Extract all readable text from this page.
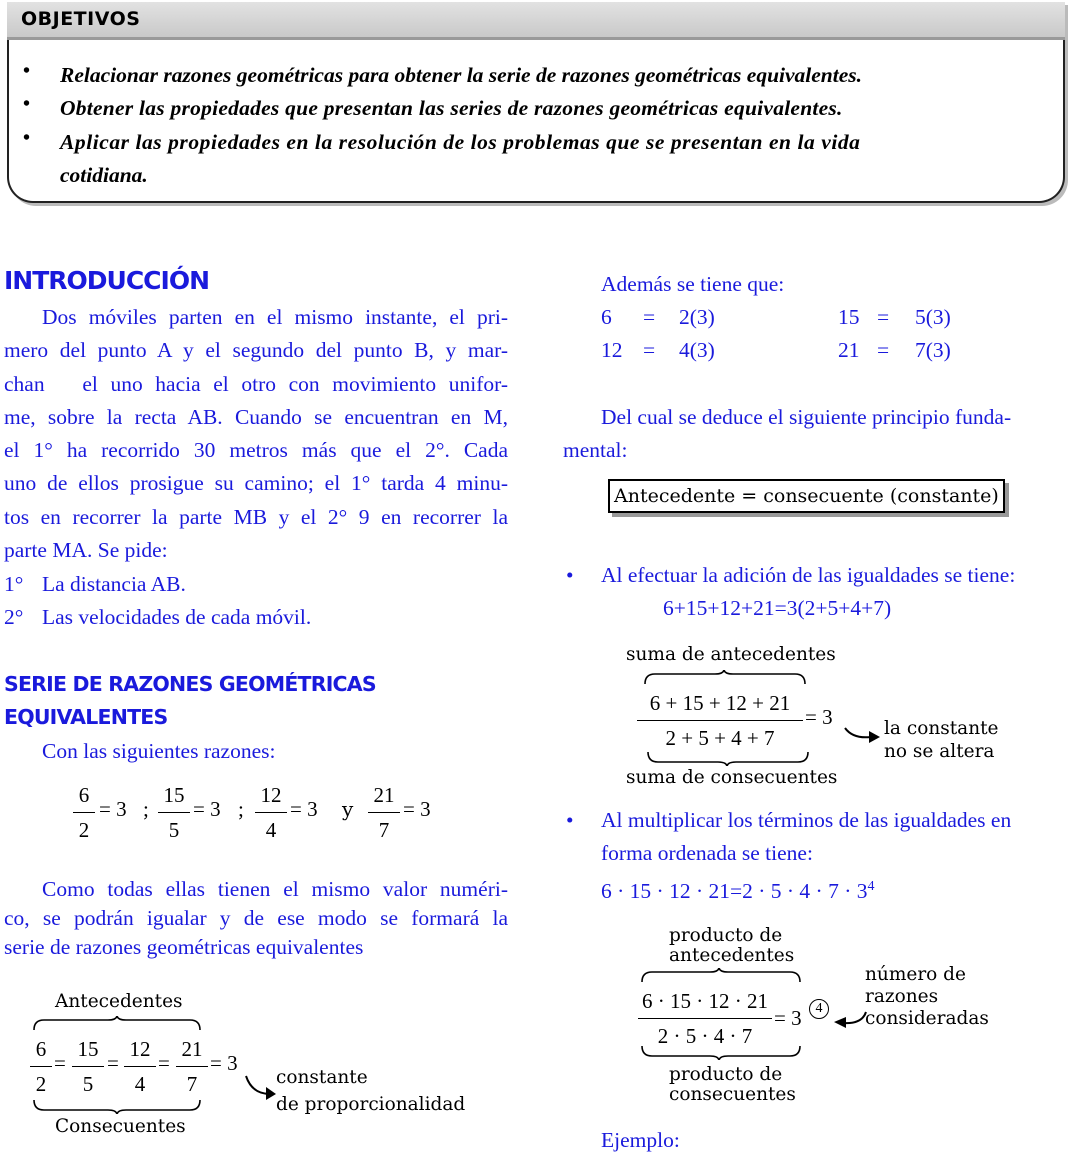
OBJETIVOS
• Relacionar razones geométricas para obtener la serie de razones geométricas equivalentes.
• Obtener las propiedades que presentan las series de razones geométricas equivalentes.
• Aplicar las propiedades en la resolución de los problemas que se presentan en la vida
cotidiana.
INTRODUCCIÓN
Dos móviles parten en el mismo instante, el pri-
mero del punto A y el segundo del punto B, y mar-
chan   el uno hacia el otro con movimiento unifor-
me, sobre la recta AB. Cuando se encuentran en M,
el 1° ha recorrido 30 metros más que el 2°. Cada
uno de ellos prosigue su camino; el 1° tarda 4 minu-
tos en recorrer la parte MB y el 2° 9 en recorrer la
parte MA. Se pide:
1° La distancia AB.
2° Las velocidades de cada móvil.
SERIE DE RAZONES GEOMÉTRICAS
EQUIVALENTES
Con las siguientes razones:
6
2
= 3 ;
15
5
= 3 ;
12
4
= 3 y
21
7
= 3
Como todas ellas tienen el mismo valor numéri-
co, se podrán igualar y de ese modo se formará la
serie de razones geométricas equivalentes
Antecedentes
6
2
=
15
5
=
12
4
=
21
7
= 3
Consecuentes
constante
de proporcionalidad
Además se tiene que:
6 = 2(3)	15 = 5(3)
12 = 4(3)	21 = 7(3)
Del cual se deduce el siguiente principio funda-
mental:
Antecedente = consecuente (constante)
• Al efectuar la adición de las igualdades se tiene:
6+15+12+21=3(2+5+4+7)
suma de antecedentes
6 + 15 + 12 + 21
2 + 5 + 4 + 7
= 3
suma de consecuentes
la constante
no se altera
• Al multiplicar los términos de las igualdades en
forma ordenada se tiene:
$6 \cdot 15 \cdot 12 \cdot 21=2 \cdot 5 \cdot 4 \cdot 7 \cdot 3^4$
producto de
antecedentes
6 · 15 · 12 · 21
2 · 5 · 4 · 7
= 3 4
producto de
consecuentes
número de
razones
consideradas
Ejemplo:
